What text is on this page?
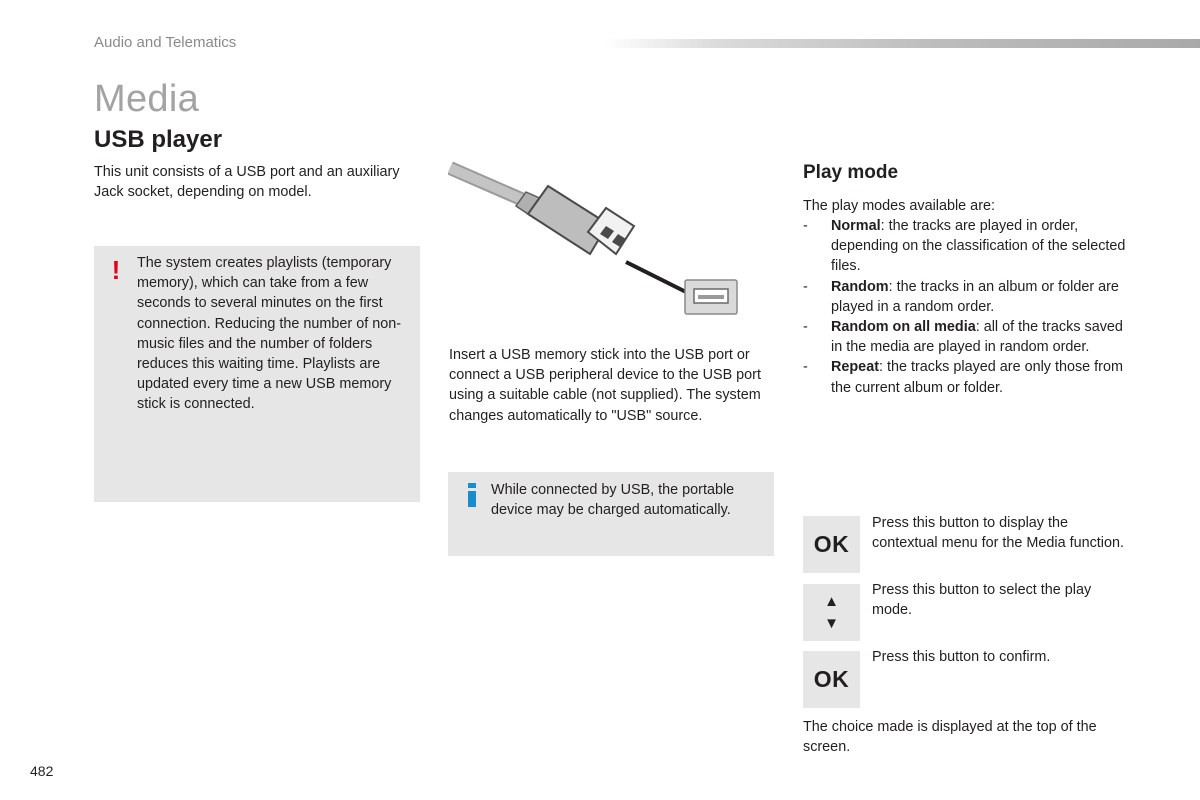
Audio and Telematics
Media
USB player
This unit consists of a USB port and an auxiliary Jack socket, depending on model.
! The system creates playlists (temporary memory), which can take from a few seconds to several minutes on the first connection. Reducing the number of non-music files and the number of folders reduces this waiting time. Playlists are updated every time a new USB memory stick is connected.
Insert a USB memory stick into the USB port or connect a USB peripheral device to the USB port using a suitable cable (not supplied). The system changes automatically to "USB" source.
While connected by USB, the portable device may be charged automatically.
Play mode
The play modes available are:
- Normal: the tracks are played in order, depending on the classification of the selected files.
- Random: the tracks in an album or folder are played in a random order.
- Random on all media: all of the tracks saved in the media are played in random order.
- Repeat: the tracks played are only those from the current album or folder.
OK
Press this button to display the contextual menu for the Media function.
▲
▼
Press this button to select the play mode.
OK
Press this button to confirm.
The choice made is displayed at the top of the screen.
482
